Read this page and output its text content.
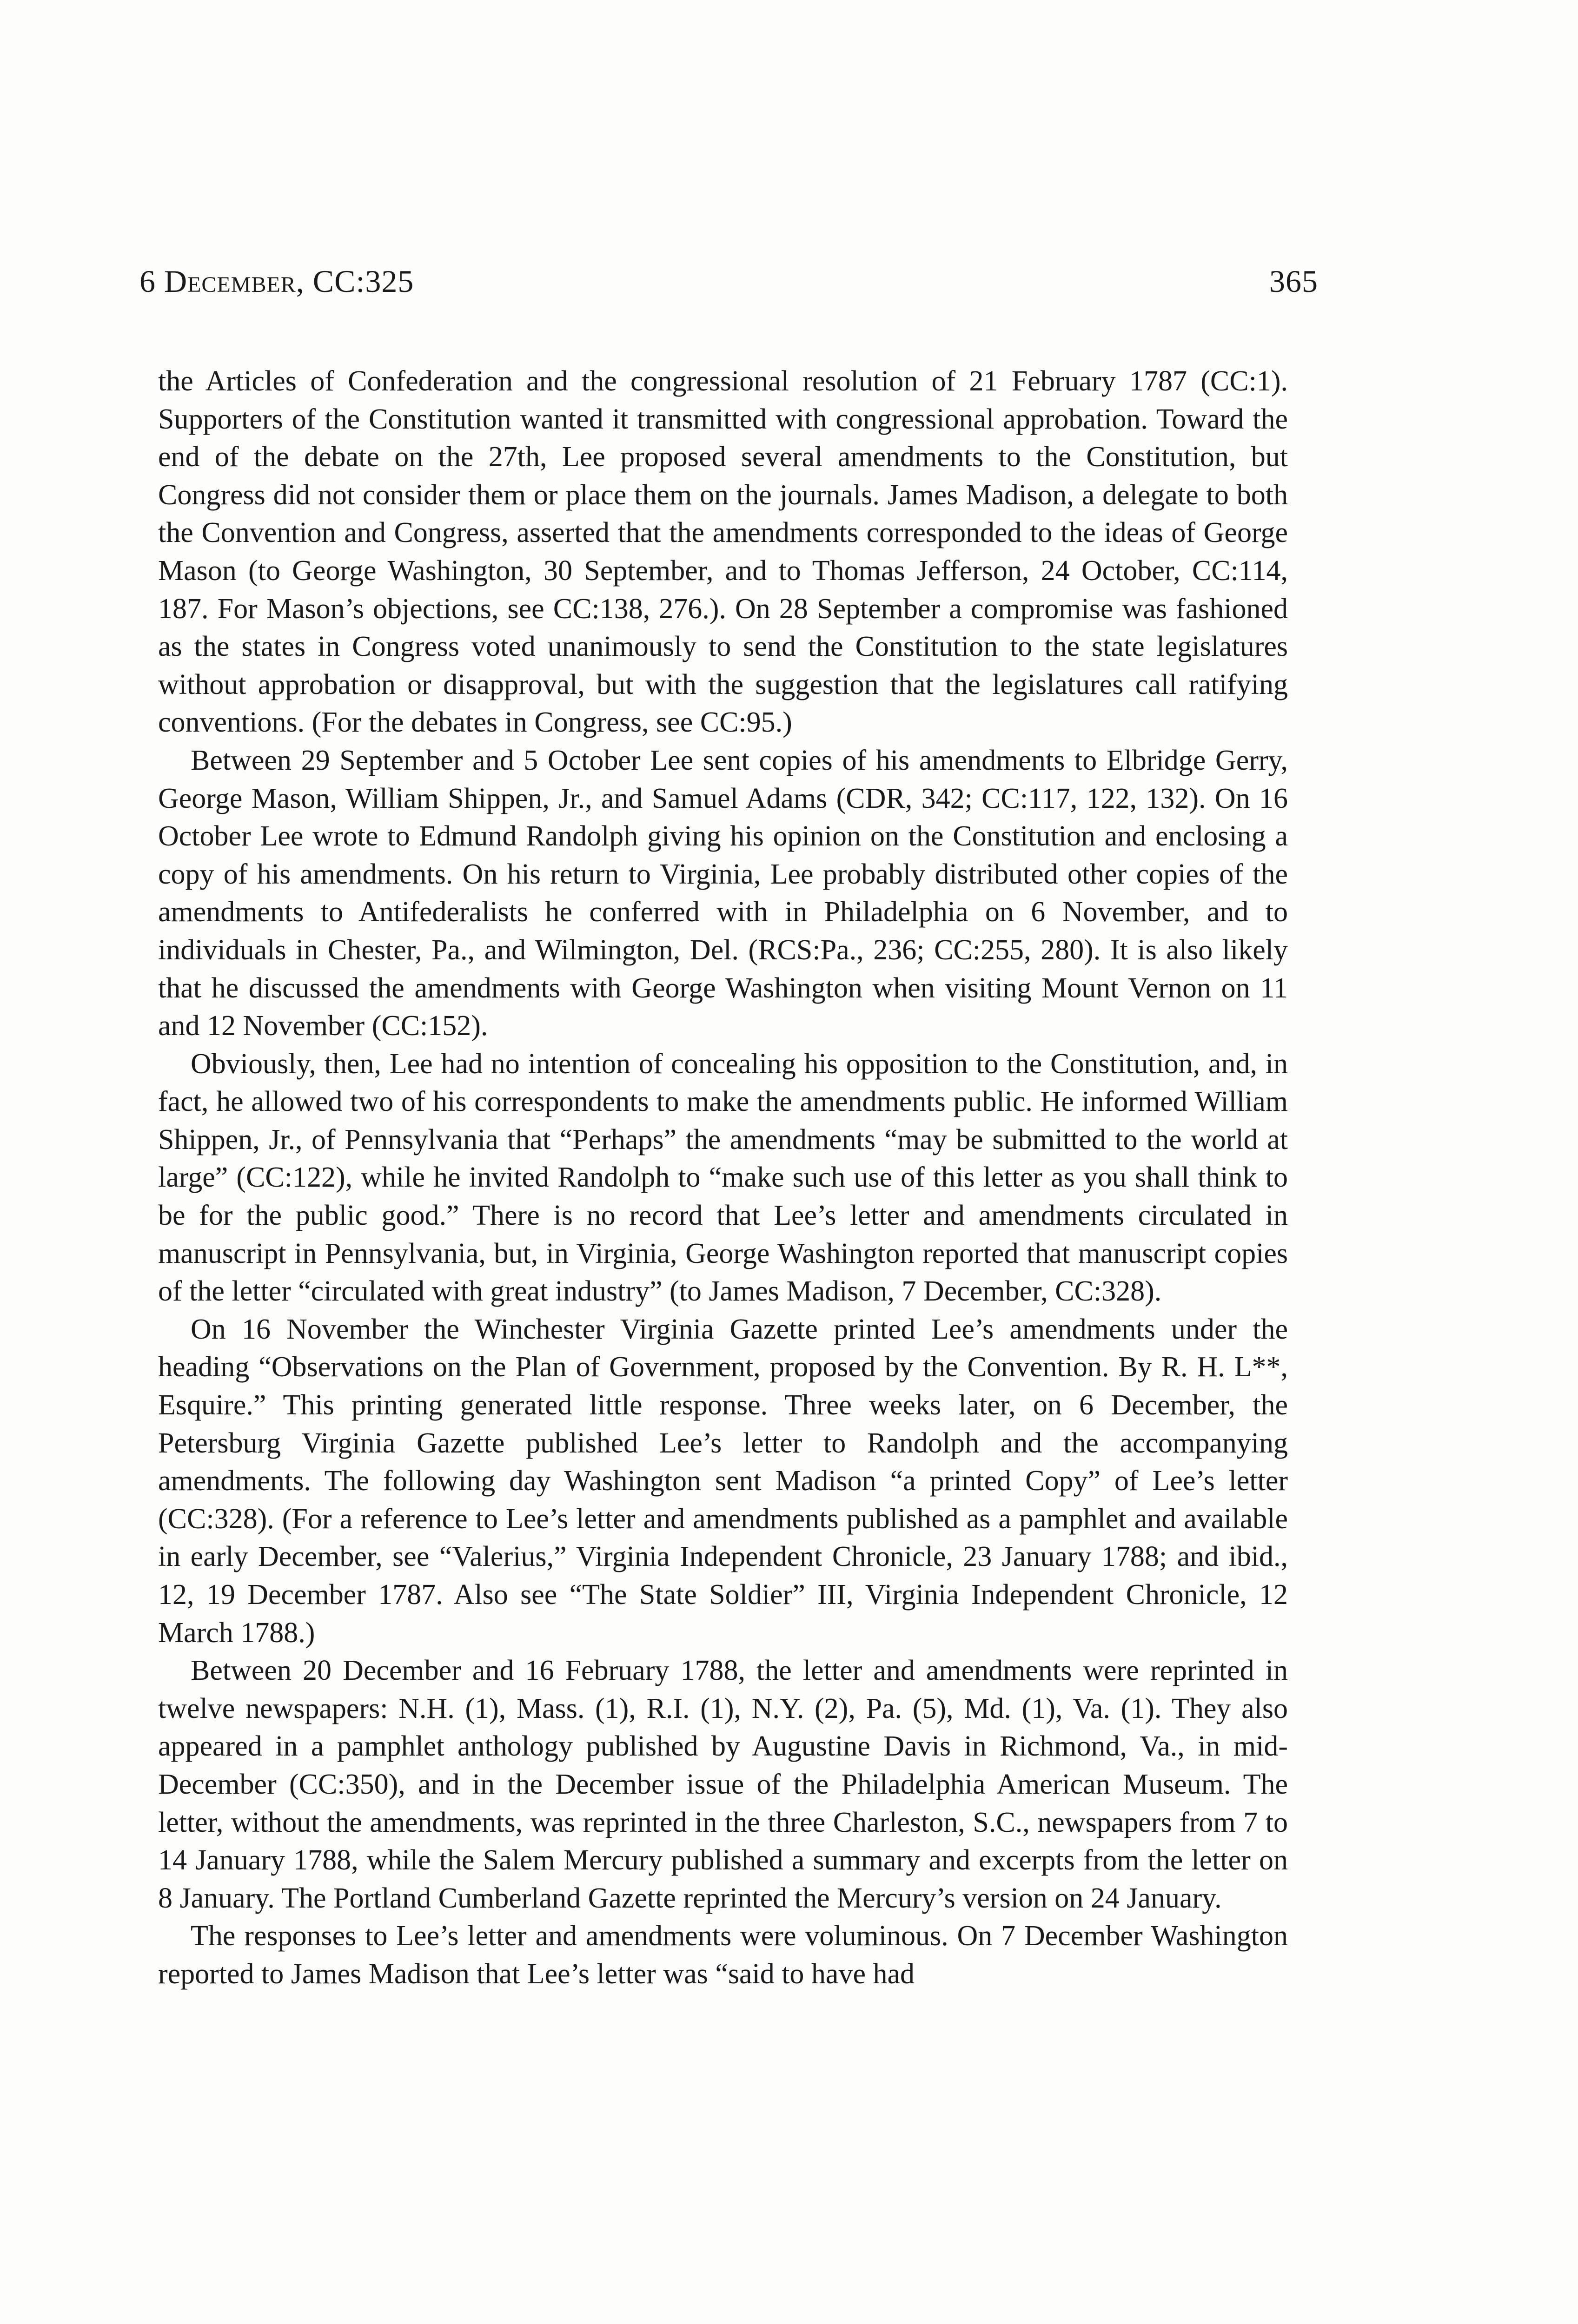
6 December, CC:325	365

the Articles of Confederation and the congressional resolution of 21 February 1787 (CC:1). Supporters of the Constitution wanted it transmitted with congressional approbation. Toward the end of the debate on the 27th, Lee proposed several amendments to the Constitution, but Congress did not consider them or place them on the journals. James Madison, a delegate to both the Convention and Congress, asserted that the amendments corresponded to the ideas of George Mason (to George Washington, 30 September, and to Thomas Jefferson, 24 October, CC:114, 187. For Mason’s objections, see CC:138, 276.). On 28 September a compromise was fashioned as the states in Congress voted unanimously to send the Constitution to the state legislatures without approbation or disapproval, but with the suggestion that the legislatures call ratifying conventions. (For the debates in Congress, see CC:95.)

Between 29 September and 5 October Lee sent copies of his amendments to Elbridge Gerry, George Mason, William Shippen, Jr., and Samuel Adams (CDR, 342; CC:117, 122, 132). On 16 October Lee wrote to Edmund Randolph giving his opinion on the Constitution and enclosing a copy of his amendments. On his return to Virginia, Lee probably distributed other copies of the amendments to Antifederalists he conferred with in Philadelphia on 6 November, and to individuals in Chester, Pa., and Wilmington, Del. (RCS:Pa., 236; CC:255, 280). It is also likely that he discussed the amendments with George Washington when visiting Mount Vernon on 11 and 12 November (CC:152).

Obviously, then, Lee had no intention of concealing his opposition to the Constitution, and, in fact, he allowed two of his correspondents to make the amendments public. He informed William Shippen, Jr., of Pennsylvania that “Perhaps” the amendments “may be submitted to the world at large” (CC:122), while he invited Randolph to “make such use of this letter as you shall think to be for the public good.” There is no record that Lee’s letter and amendments circulated in manuscript in Pennsylvania, but, in Virginia, George Washington reported that manuscript copies of the letter “circulated with great industry” (to James Madison, 7 December, CC:328).

On 16 November the Winchester Virginia Gazette printed Lee’s amendments under the heading “Observations on the Plan of Government, proposed by the Convention. By R. H. L**, Esquire.” This printing generated little response. Three weeks later, on 6 December, the Petersburg Virginia Gazette published Lee’s letter to Randolph and the accompanying amendments. The following day Washington sent Madison “a printed Copy” of Lee’s letter (CC:328). (For a reference to Lee’s letter and amendments published as a pamphlet and available in early December, see “Valerius,” Virginia Independent Chronicle, 23 January 1788; and ibid., 12, 19 December 1787. Also see “The State Soldier” III, Virginia Independent Chronicle, 12 March 1788.)

Between 20 December and 16 February 1788, the letter and amendments were reprinted in twelve newspapers: N.H. (1), Mass. (1), R.I. (1), N.Y. (2), Pa. (5), Md. (1), Va. (1). They also appeared in a pamphlet anthology published by Augustine Davis in Richmond, Va., in mid-December (CC:350), and in the December issue of the Philadelphia American Museum. The letter, without the amendments, was reprinted in the three Charleston, S.C., newspapers from 7 to 14 January 1788, while the Salem Mercury published a summary and excerpts from the letter on 8 January. The Portland Cumberland Gazette reprinted the Mercury’s version on 24 January.

The responses to Lee’s letter and amendments were voluminous. On 7 December Washington reported to James Madison that Lee’s letter was “said to have had
